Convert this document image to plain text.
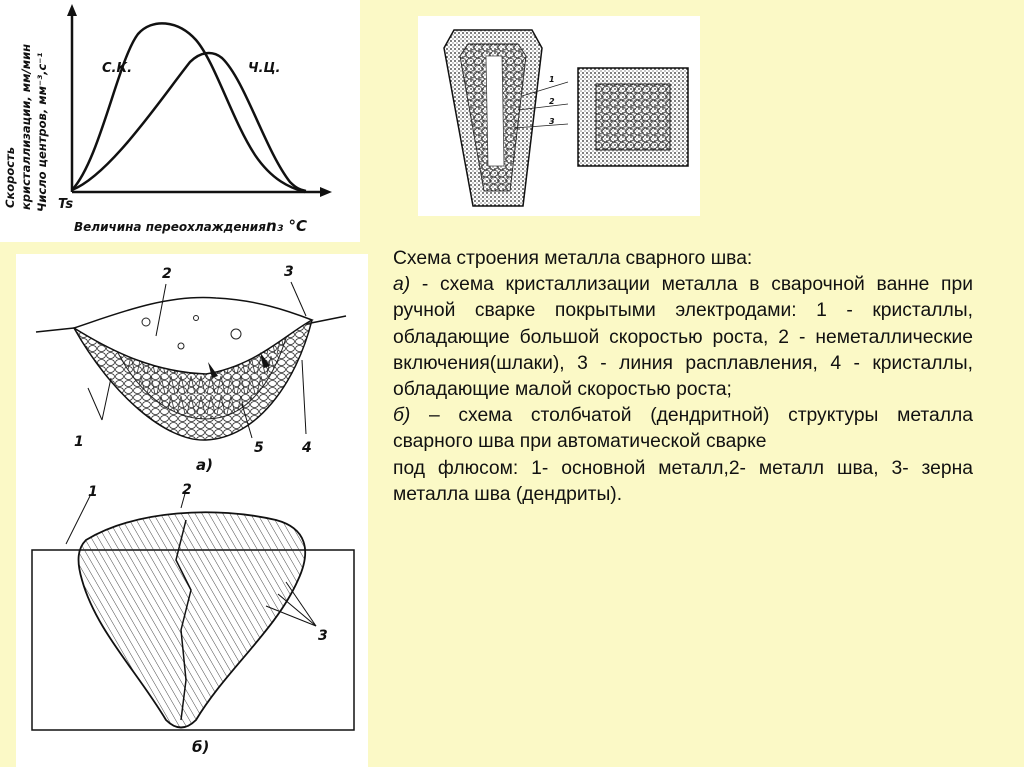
С.К.	Ч.Ц.
Ts
Величина переохлаждения n₃ °С
Скорость кристаллизации, мм/мин Число центров, мм⁻³,с⁻¹	1
2
3
2	3
1	5	4
а)
1	2
3
б)

Схема строения металла сварного шва:

а) - схема кристаллизации металла в сварочной ванне при ручной сварке покрытыми электродами: 1 - кристаллы, обладающие большой скоростью роста, 2 - неметаллические включения(шлаки), 3 - линия расплавления, 4 - кристаллы, обладающие малой скоростью роста;

б) – схема столбчатой (дендритной) структуры металла сварного шва при автоматической сварке

под флюсом: 1- основной металл,2- металл шва, 3- зерна металла шва (дендриты).
